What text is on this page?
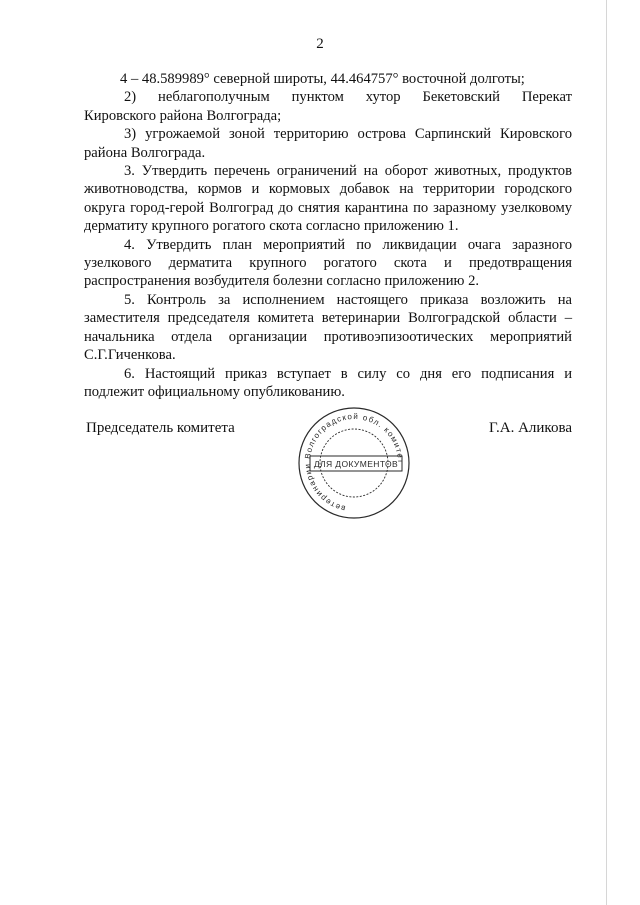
2

4 – 48.589989° северной широты, 44.464757° восточной долготы;

2) неблагополучным пунктом хутор Бекетовский Перекат

Кировского района Волгограда;

3) угрожаемой зоной территорию острова Сарпинский Кировского района Волгограда.

3. Утвердить перечень ограничений на оборот животных, продуктов животноводства, кормов и кормовых добавок на территории городского округа город-герой Волгоград до снятия карантина по заразному узелковому дерматиту крупного рогатого скота согласно приложению 1.

4. Утвердить план мероприятий по ликвидации очага заразного узелкового дерматита крупного рогатого скота и предотвращения распространения возбудителя болезни согласно приложению 2.

5. Контроль за исполнением настоящего приказа возложить на заместителя председателя комитета ветеринарии Волгоградской области – начальника отдела организации противоэпизоотических мероприятий С.Г.Гиченкова.

6. Настоящий приказ вступает в силу со дня его подписания и подлежит официальному опубликованию.

Председатель комитета	Г.А. Аликова
ветеринарии Волгоградской обл. комитет
ДЛЯ ДОКУМЕНТОВ
